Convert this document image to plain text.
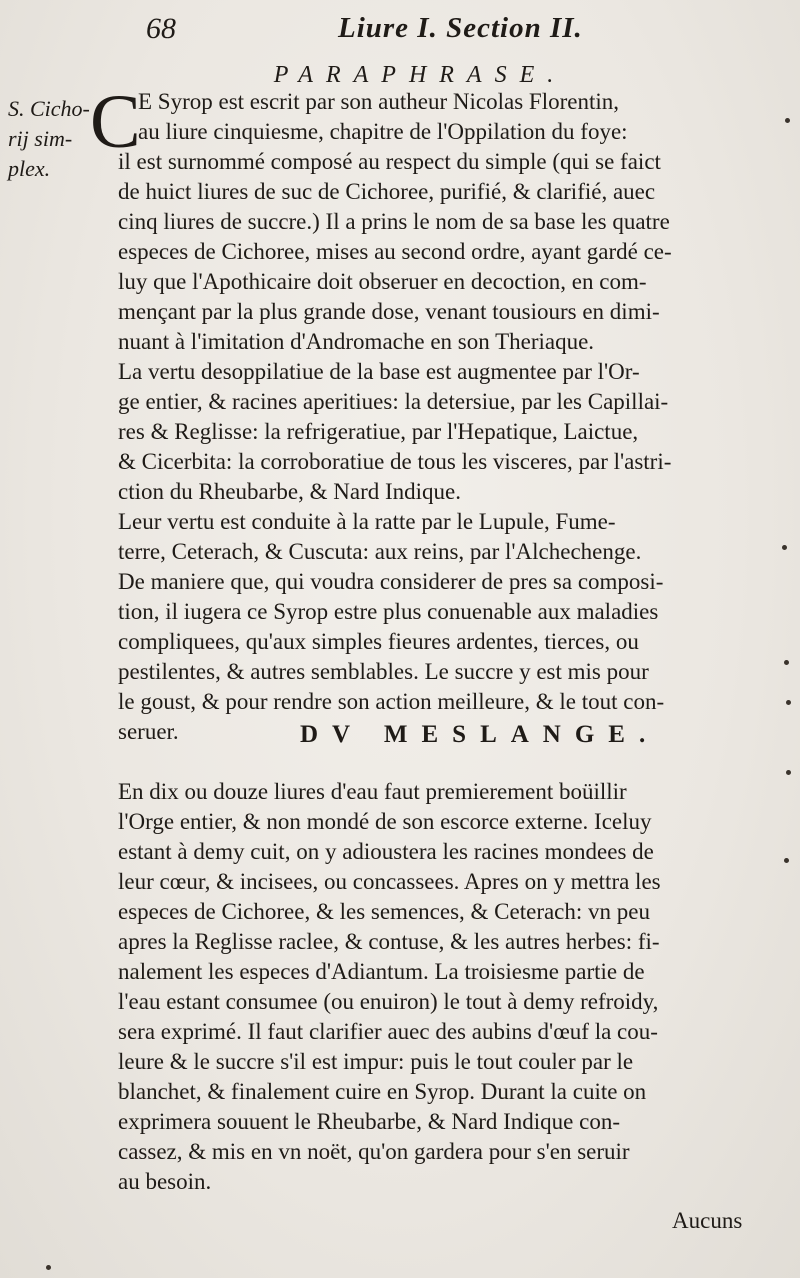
68	Liure I. Section II.
PARAPHRASE.
S. Cicho-
rij sim-
plex.
C
E Syrop est escrit par son autheur Nicolas Florentin,
au liure cinquiesme, chapitre de l'Oppilation du foye:
il est surnommé composé au respect du simple (qui se faict
de huict liures de suc de Cichoree, purifié, & clarifié, auec
cinq liures de succre.) Il a prins le nom de sa base les quatre
especes de Cichoree, mises au second ordre, ayant gardé ce-
luy que l'Apothicaire doit obseruer en decoction, en com-
mençant par la plus grande dose, venant tousiours en dimi-
nuant à l'imitation d'Andromache en son Theriaque.
La vertu desoppilatiue de la base est augmentee par l'Or-
ge entier, & racines aperitiues: la detersiue, par les Capillai-
res & Reglisse: la refrigeratiue, par l'Hepatique, Laictue,
& Cicerbita: la corroboratiue de tous les visceres, par l'astri-
ction du Rheubarbe, & Nard Indique.
Leur vertu est conduite à la ratte par le Lupule, Fume-
terre, Ceterach, & Cuscuta: aux reins, par l'Alchechenge.
De maniere que, qui voudra considerer de pres sa composi-
tion, il iugera ce Syrop estre plus conuenable aux maladies
compliquees, qu'aux simples fieures ardentes, tierces, ou
pestilentes, & autres semblables. Le succre y est mis pour
le goust, & pour rendre son action meilleure, & le tout con-
seruer.	DV MESLANGE.
En dix ou douze liures d'eau faut premierement boüillir
l'Orge entier, & non mondé de son escorce externe. Iceluy
estant à demy cuit, on y adioustera les racines mondees de
leur cœur, & incisees, ou concassees. Apres on y mettra les
especes de Cichoree, & les semences, & Ceterach: vn peu
apres la Reglisse raclee, & contuse, & les autres herbes: fi-
nalement les especes d'Adiantum. La troisiesme partie de
l'eau estant consumee (ou enuiron) le tout à demy refroidy,
sera exprimé. Il faut clarifier auec des aubins d'œuf la cou-
leure & le succre s'il est impur: puis le tout couler par le
blanchet, & finalement cuire en Syrop. Durant la cuite on
exprimera souuent le Rheubarbe, & Nard Indique con-
cassez, & mis en vn noët, qu'on gardera pour s'en seruir
au besoin.
Aucuns
